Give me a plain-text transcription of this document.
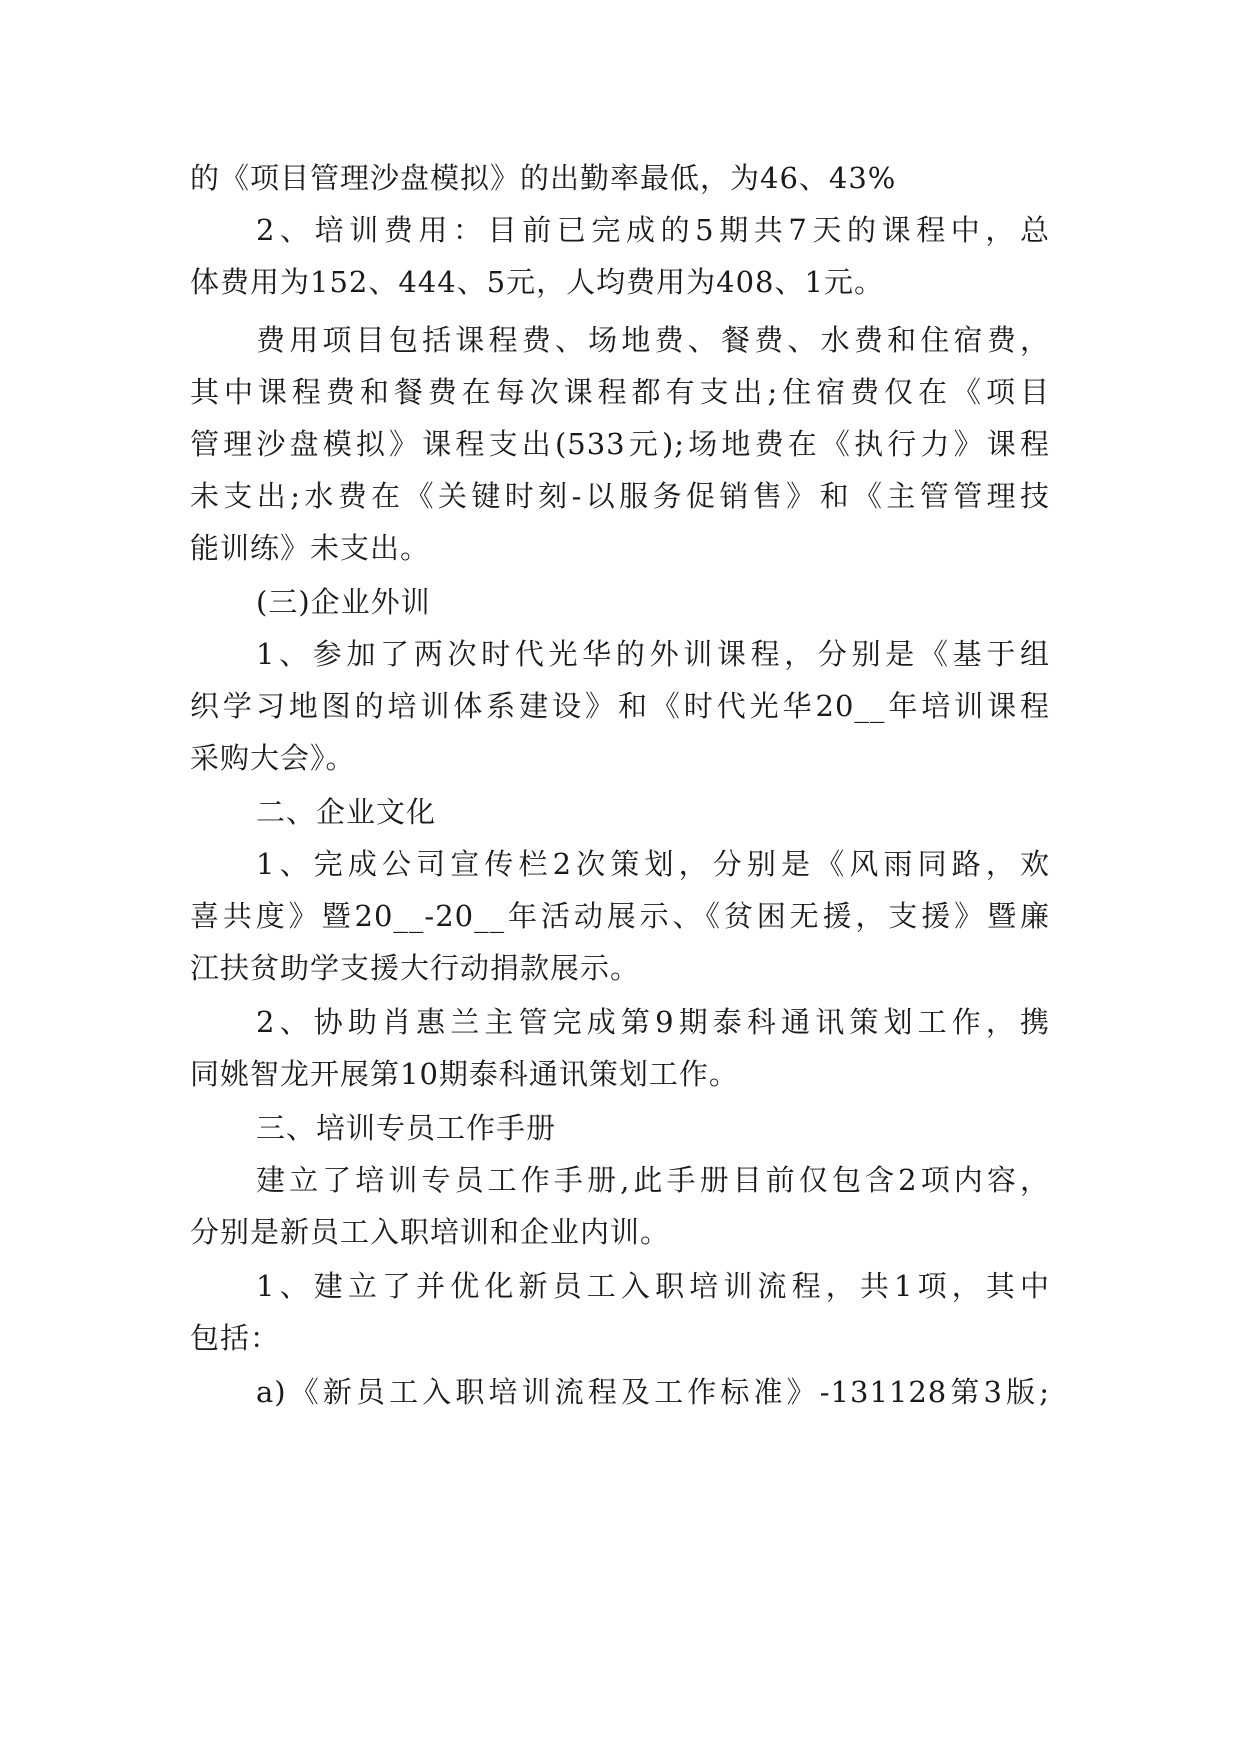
的《项目管理沙盘模拟》的出勤率最低，为46、43%
2、培训费用：目前已完成的5期共7天的课程中，总
体费用为152、444、5元，人均费用为408、1元。
费用项目包括课程费、场地费、餐费、水费和住宿费，
其中课程费和餐费在每次课程都有支出;住宿费仅在《项目
管理沙盘模拟》课程支出(533元);场地费在《执行力》课程
未支出;水费在《关键时刻-以服务促销售》和《主管管理技
能训练》未支出。
(三)企业外训
1、参加了两次时代光华的外训课程，分别是《基于组
织学习地图的培训体系建设》和《时代光华20__年培训课程
采购大会》。
二、企业文化
1、完成公司宣传栏2次策划，分别是《风雨同路，欢
喜共度》暨20__-20__年活动展示、《贫困无援，支援》暨廉
江扶贫助学支援大行动捐款展示。
2、协助肖惠兰主管完成第9期泰科通讯策划工作，携
同姚智龙开展第10期泰科通讯策划工作。
三、培训专员工作手册
建立了培训专员工作手册,此手册目前仅包含2项内容，
分别是新员工入职培训和企业内训。
1、建立了并优化新员工入职培训流程，共1项，其中
包括：
a)《新员工入职培训流程及工作标准》-131128第3版;
